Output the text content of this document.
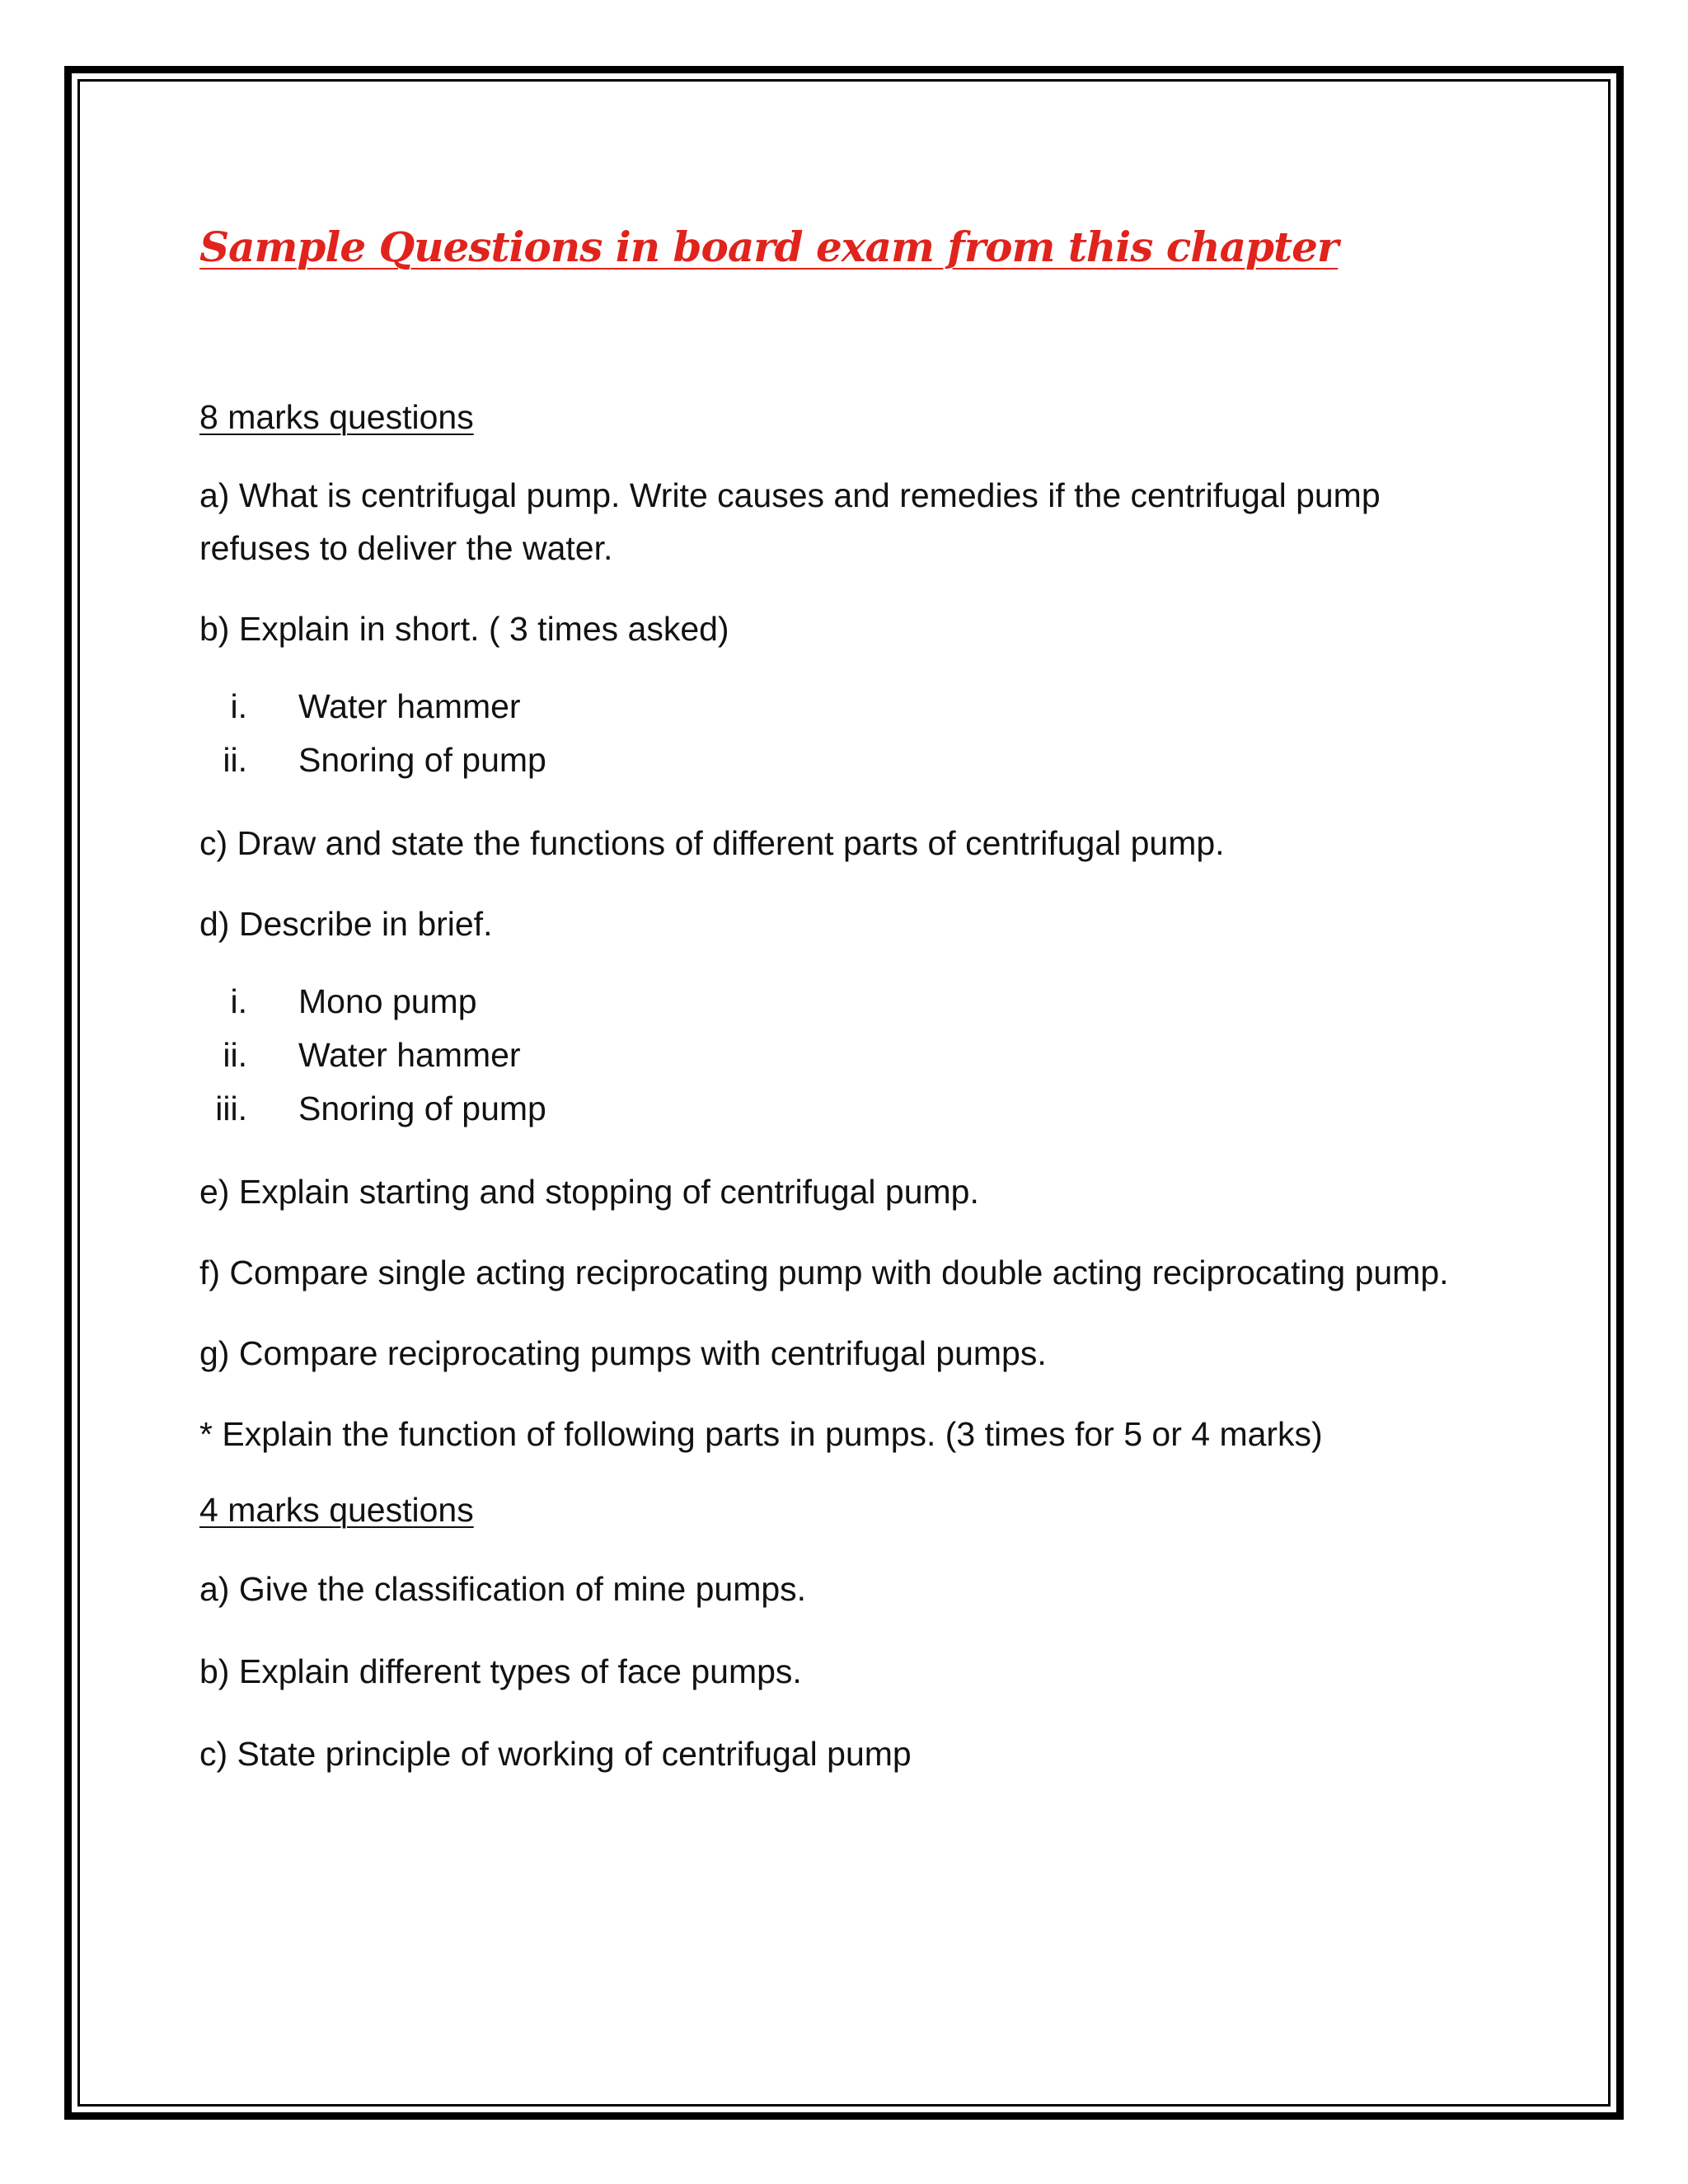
Sample Questions in board exam from this chapter

8 marks questions

a) What is centrifugal pump. Write causes and remedies if the centrifugal pump refuses to deliver the water.

b) Explain in short. ( 3 times asked)

i. Water hammer
ii. Snoring of pump

c) Draw and state the functions of different parts of centrifugal pump.

d) Describe in brief.

i. Mono pump
ii. Water hammer
iii. Snoring of pump

e) Explain starting and stopping of centrifugal pump.

f) Compare single acting reciprocating pump with double acting reciprocating pump.

g) Compare reciprocating pumps with centrifugal pumps.

* Explain the function of following parts in pumps. (3 times for 5 or 4 marks)

4 marks questions

a) Give the classification of mine pumps.

b) Explain different types of face pumps.

c) State principle of working of centrifugal pump
